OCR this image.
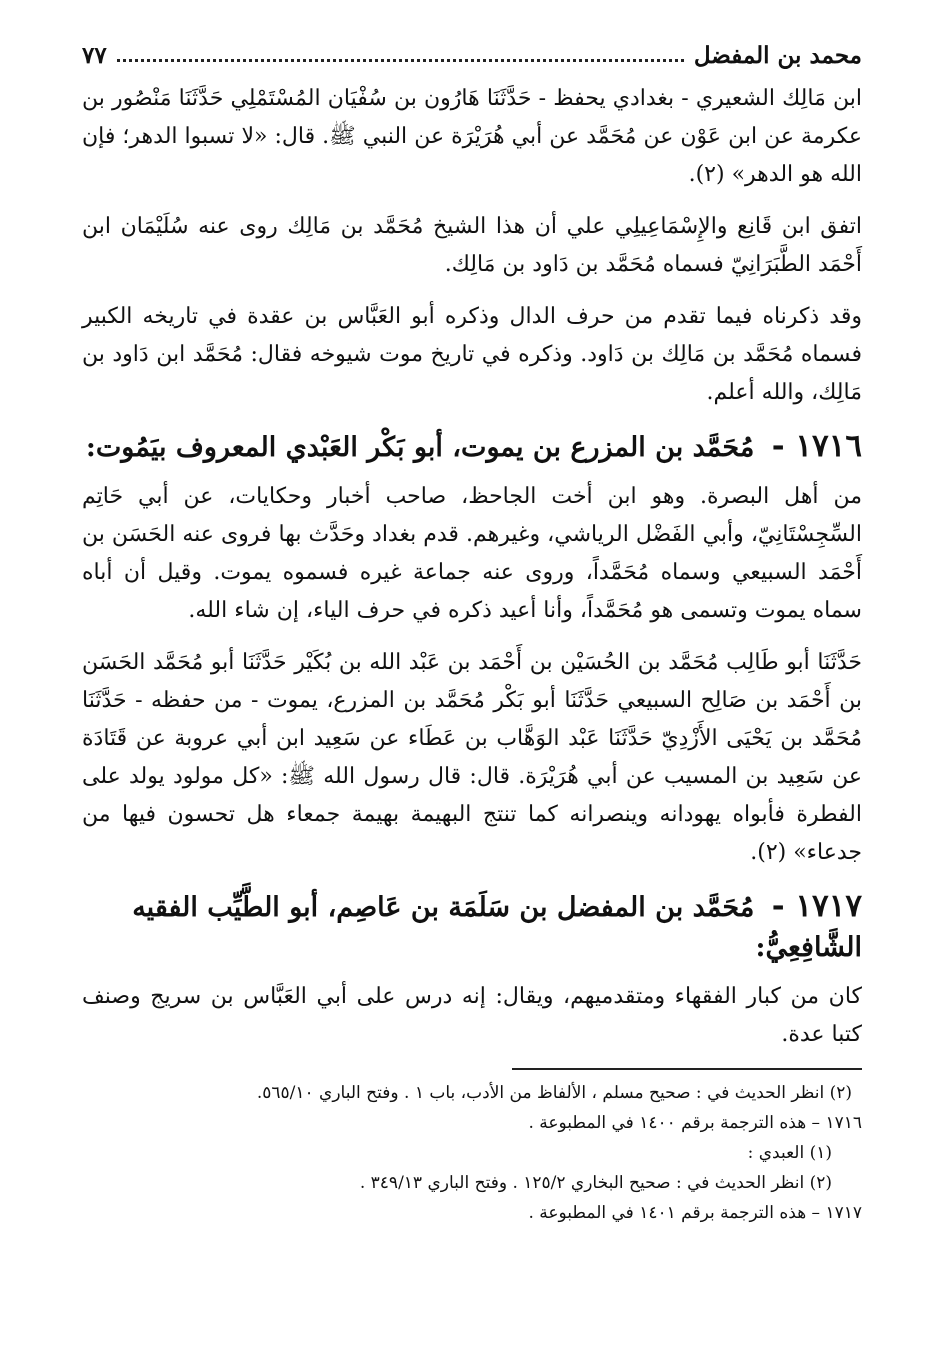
محمد بن المفضل
٧٧

ابن مَالِك الشعيري - بغدادي يحفظ - حَدَّثَنَا هَارُون بن سُفْيَان المُسْتَمْلِي حَدَّثَنَا مَنْصُور بن عكرمة عن ابن عَوْن عن مُحَمَّد عن أبي هُرَيْرَة عن النبي ﷺ. قال: «لا تسبوا الدهر؛ فإن الله هو الدهر» (٢).

اتفق ابن قَانِع والإِسْمَاعِيلِي علي أن هذا الشيخ مُحَمَّد بن مَالِك روى عنه سُلَيْمَان ابن أَحْمَد الطَّبَرَانِيّ فسماه مُحَمَّد بن دَاود بن مَالِك.

وقد ذكرناه فيما تقدم من حرف الدال وذكره أبو العَبَّاس بن عقدة في تاريخه الكبير فسماه مُحَمَّد بن مَالِك بن دَاود. وذكره في تاريخ موت شيوخه فقال: مُحَمَّد ابن دَاود بن مَالِك، والله أعلم.

١٧١٦ - مُحَمَّد بن المزرع بن يموت، أبو بَكْر العَبْدي المعروف بيَمُوت:

من أهل البصرة. وهو ابن أخت الجاحظ، صاحب أخبار وحكايات، عن أبي حَاتِم السِّجِسْتَانِيّ، وأبي الفَضْل الرياشي، وغيرهم. قدم بغداد وحَدَّث بها فروى عنه الحَسَن بن أَحْمَد السبيعي وسماه مُحَمَّداً، وروى عنه جماعة غيره فسموه يموت. وقيل أن أباه سماه يموت وتسمى هو مُحَمَّداً، وأنا أعيد ذكره في حرف الياء، إن شاء الله.

حَدَّثَنَا أبو طَالِب مُحَمَّد بن الحُسَيْن بن أَحْمَد بن عَبْد الله بن بُكَيْر حَدَّثَنَا أبو مُحَمَّد الحَسَن بن أَحْمَد بن صَالِح السبيعي حَدَّثَنَا أبو بَكْر مُحَمَّد بن المزرع، يموت - من حفظه - حَدَّثَنَا مُحَمَّد بن يَحْيَى الأَزْدِيّ حَدَّثَنَا عَبْد الوَهَّاب بن عَطَاء عن سَعِيد ابن أبي عروبة عن قَتَادَة عن سَعِيد بن المسيب عن أبي هُرَيْرَة. قال: قال رسول الله ﷺ: «كل مولود يولد على الفطرة فأبواه يهودانه وينصرانه كما تنتج البهيمة بهيمة جمعاء هل تحسون فيها من جدعاء» (٢).

١٧١٧ - مُحَمَّد بن المفضل بن سَلَمَة بن عَاصِم، أبو الطَّيِّب الفقيه الشَّافِعِيُّ:

كان من كبار الفقهاء ومتقدميهم، ويقال: إنه درس على أبي العَبَّاس بن سريج وصنف كتبا عدة.

(٢) انظر الحديث في : صحيح مسلم ، الألفاظ من الأدب، باب ١ . وفتح الباري ٥٦٥/١٠.

١٧١٦ – هذه الترجمة برقم ١٤٠٠ في المطبوعة .

(١) العبدي :

(٢) انظر الحديث في : صحيح البخاري ١٢٥/٢ . وفتح الباري ٣٤٩/١٣ .

١٧١٧ – هذه الترجمة برقم ١٤٠١ في المطبوعة .
